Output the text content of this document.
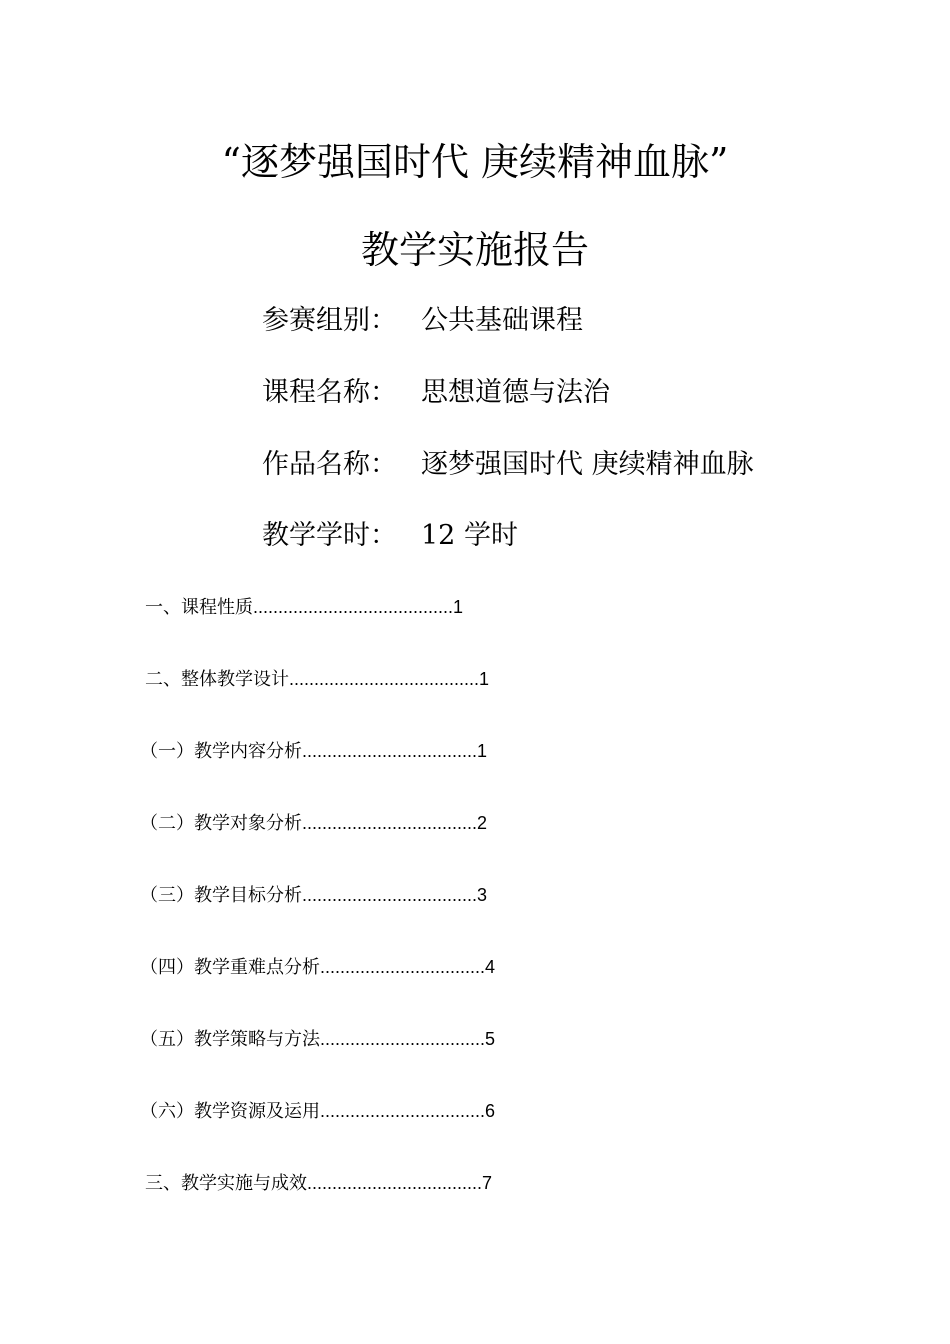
“逐梦强国时代 庚续精神血脉”
教学实施报告
参赛组别： 公共基础课程
课程名称： 思想道德与法治
作品名称： 逐梦强国时代 庚续精神血脉
教学学时： 12 学时
一、课程性质........................................1
二、整体教学设计......................................1
（一）教学内容分析...................................1
（二）教学对象分析...................................2
（三）教学目标分析...................................3
（四）教学重难点分析.................................4
（五）教学策略与方法.................................5
（六）教学资源及运用.................................6
三、教学实施与成效...................................7
